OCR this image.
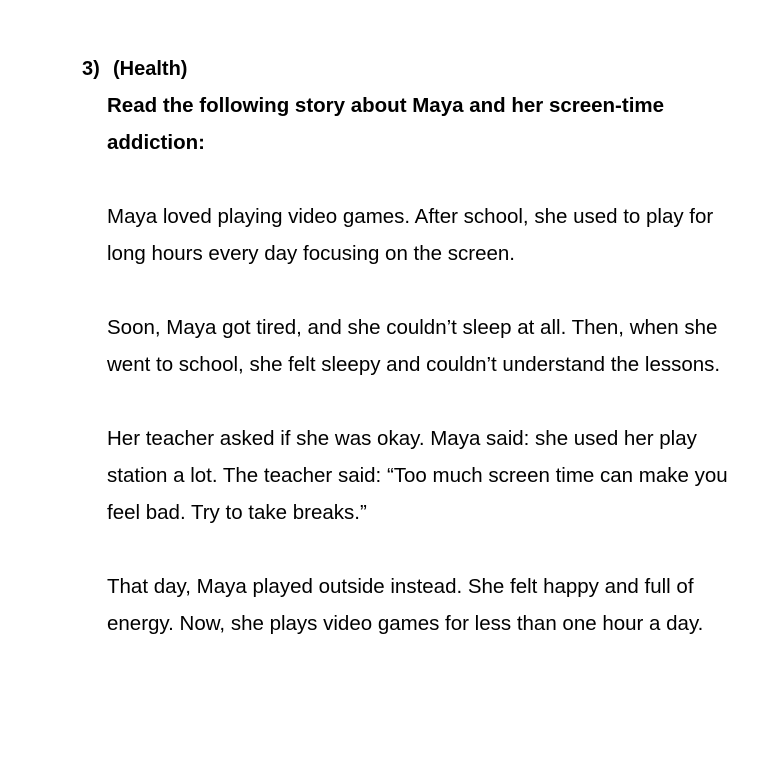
3) (Health)

Read the following story about Maya and her screen-time addiction:

Maya loved playing video games. After school, she used to play for long hours every day focusing on the screen.

Soon, Maya got tired, and she couldn’t sleep at all. Then, when she went to school, she felt sleepy and couldn’t understand the lessons.

Her teacher asked if she was okay. Maya said: she used her play station a lot. The teacher said: “Too much screen time can make you feel bad. Try to take breaks.”

That day, Maya played outside instead. She felt happy and full of energy. Now, she plays video games for less than one hour a day.
